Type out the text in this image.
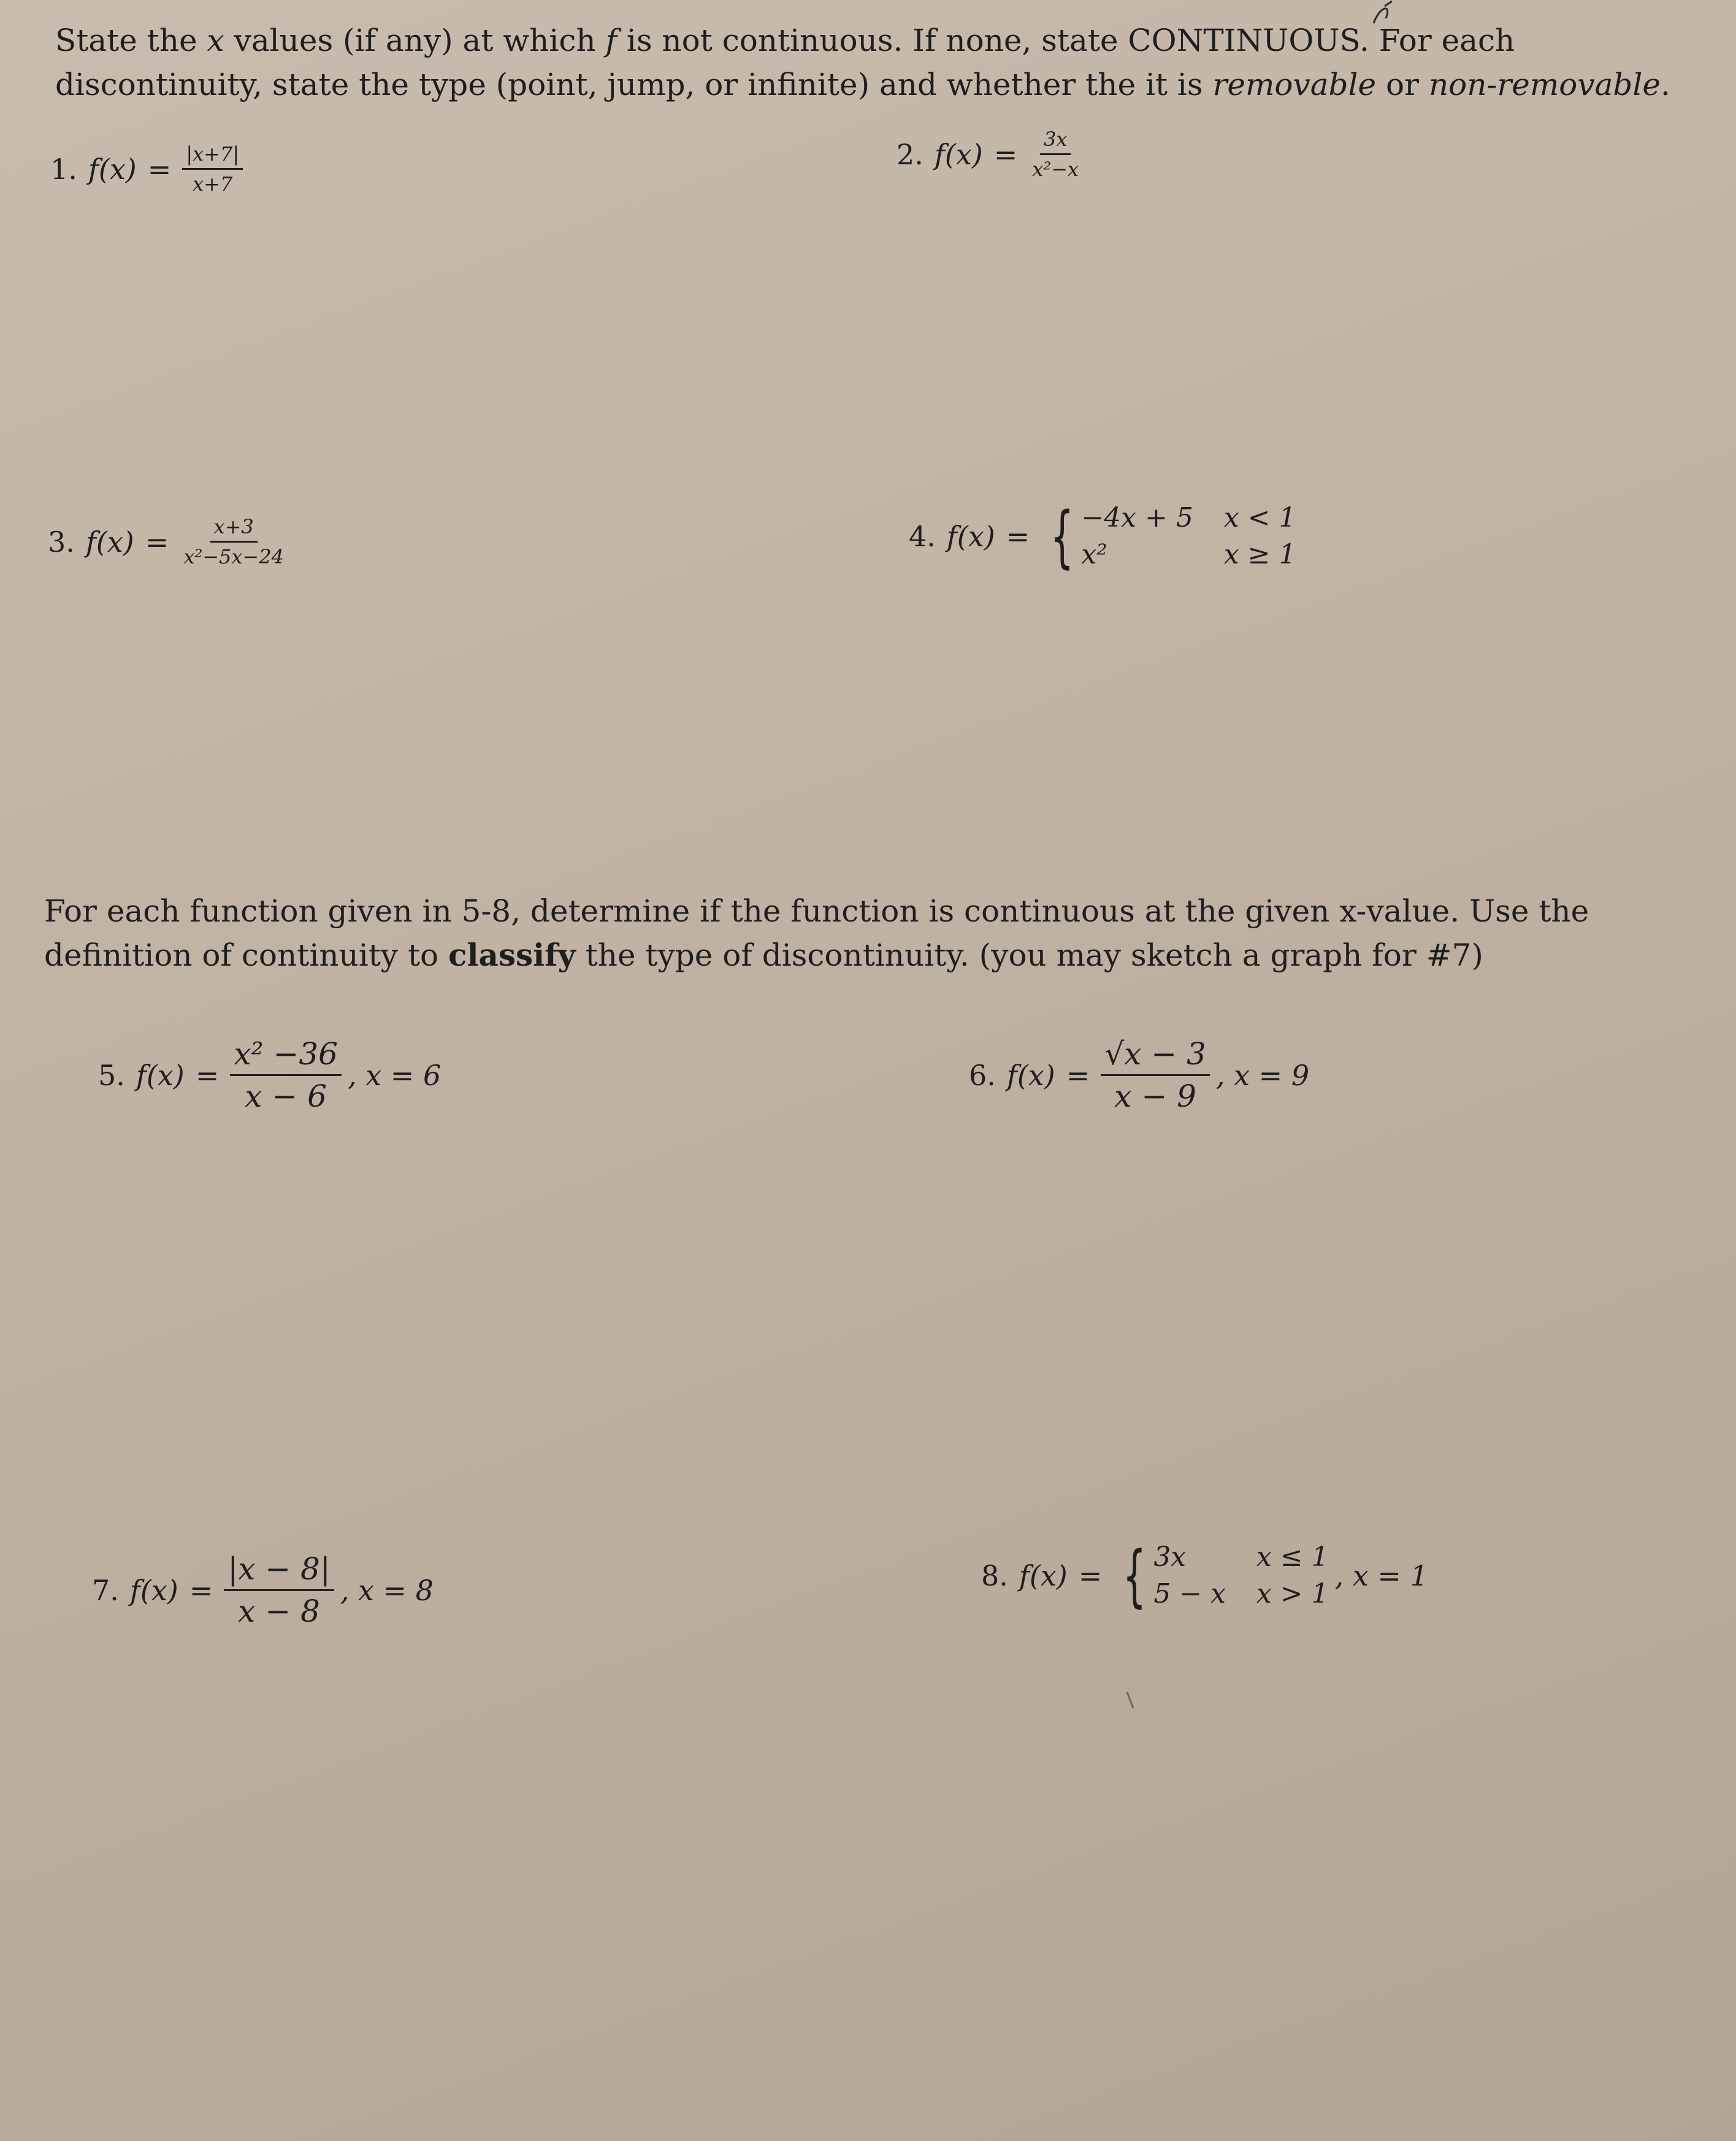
State the x values (if any) at which f is not continuous. If none, state CONTINUOUS. For each discontinuity, state the type (point, jump, or infinite) and whether the it is removable or non-removable.
1. $f(x) = \frac{|x+7|}{x+7}$	2. $f(x) = \frac{3x}{\text{x²−x}}$
3. $f(x) = \frac{x+3}{\text{x²−5x−24}}$	4. f(x) = { −4x + 5 x < 1
x²	x ≥ 1
For each function given in 5-8, determine if the function is continuous at the given x-value. Use the definition of continuity to classify the type of discontinuity. (you may sketch a graph for #7)
5. $f(x) = \frac{\text{x² −36}}{x - 6}$ , x = 6	6. $f(x) = \frac{√x - 3}{x - 9}$ , x = 9
7. $f(x) = \frac{|x - 8|}{x - 8}$ , x = 8	8. f(x) = { 3x	x ≤ 1
5 − x x > 1
, x = 1
